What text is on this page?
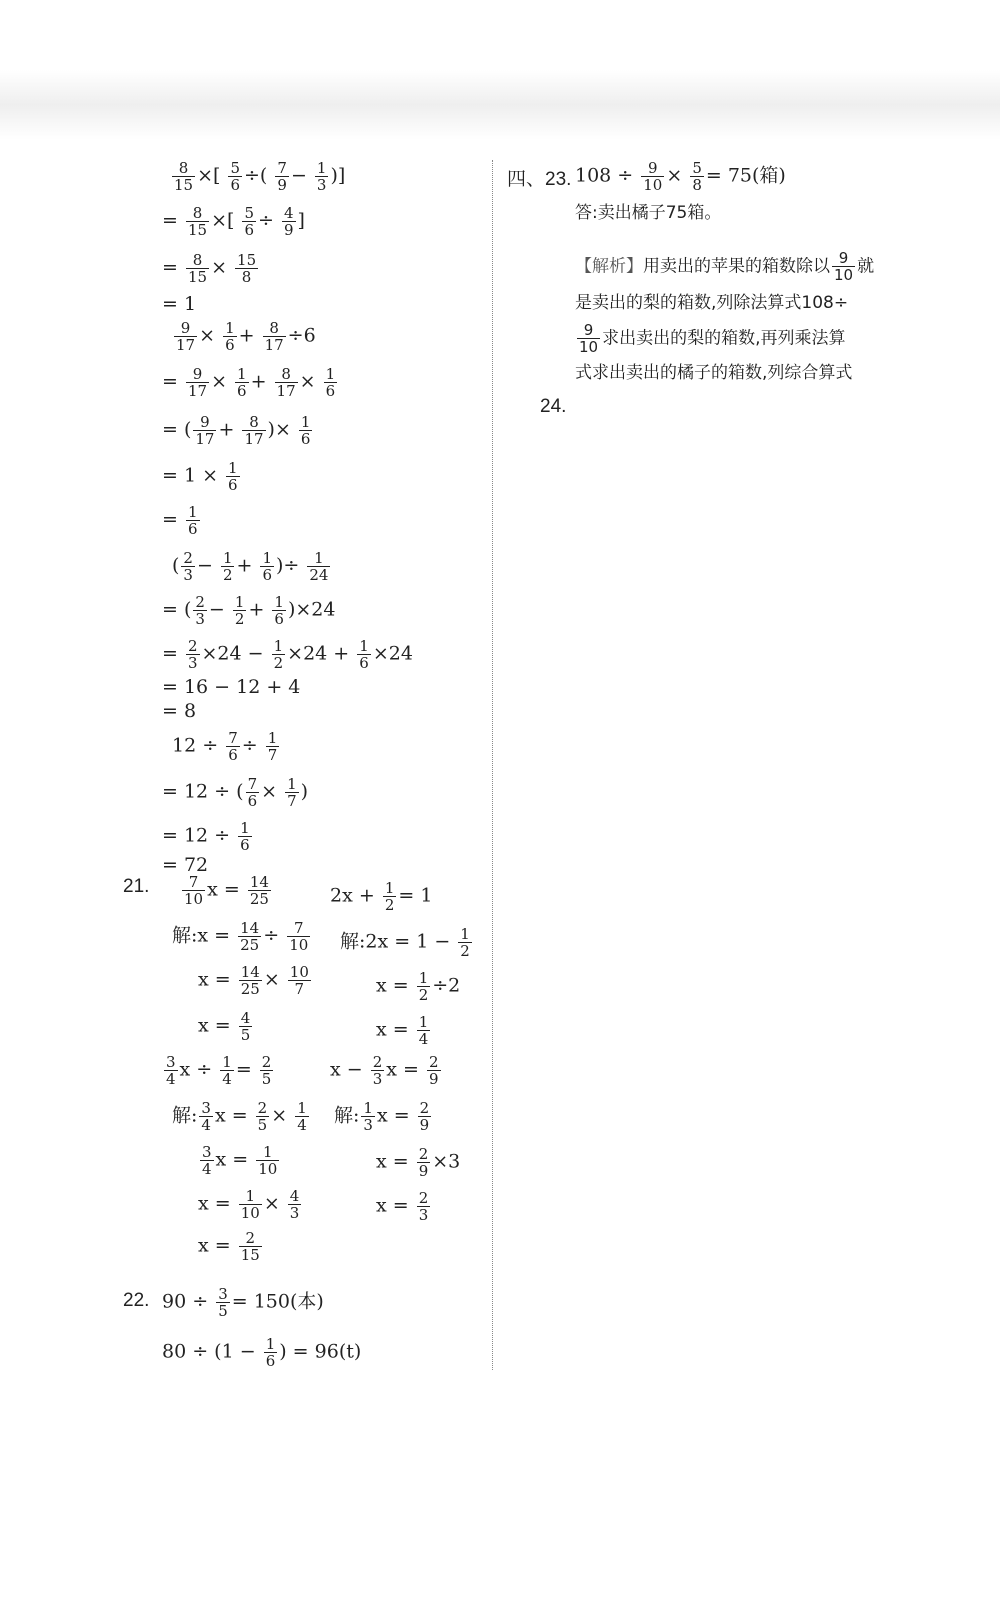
$\frac{8}{15}$ ×[ $\frac{5}{6}$ ÷( $\frac{7}{9} - \frac{1}{3}$ )]
= $\frac{8}{15}$ ×[ $\frac{5}{6} \div \frac{4}{9}$ ]
= $\frac{8}{15} \times \frac{15}{8}$
= 1
$\frac{9}{17} \times \frac{1}{6} + \frac{8}{17} \div 6$
= $\frac{9}{17} \times \frac{1}{6} + \frac{8}{17} \times \frac{1}{6}$
= ( $\frac{9}{17} + \frac{8}{17}$ )× $\frac{1}{6}$
= $1 \times \frac{1}{6}$
= $\frac{1}{6}$
( $\frac{2}{3} - \frac{1}{2} + \frac{1}{6}$ )÷ $\frac{1}{24}$
= ( $\frac{2}{3} - \frac{1}{2} + \frac{1}{6} )\times 24$
= $\frac{2}{3} \times 24 - \frac{1}{2} \times 24 + \frac{1}{6} \times 24$
= 16 − 12 + 4
= 8
$12 \div \frac{7}{6} \div \frac{1}{7}$
= 12 ÷ ( $\frac{7}{6} \times \frac{1}{7}$ )
= $12 \div \frac{1}{6}$
= 72
21. $\frac{7}{10}$ $x = \frac{14}{25}$
解:x = $\frac{14}{25} \div \frac{7}{10}$
$x = \frac{14}{25} \times \frac{10}{7}$
$x = \frac{4}{5}$
$2x + \frac{1}{2} = 1$
解:2x = $1 - \frac{1}{2}$
$x = \frac{1}{2} \div 2$
$x = \frac{1}{4}$
$\frac{3}{4}$ $x \div \frac{1}{4} = \frac{2}{5}$
解: $\frac{3}{4}$ $x = \frac{2}{5} \times \frac{1}{4}$
$\frac{3}{4}$ $x = \frac{1}{10}$
$x = \frac{1}{10} \times \frac{4}{3}$
$x = \frac{2}{15}$
$x - \frac{2}{3}$ $x = \frac{2}{9}$
解: $\frac{1}{3}$ $x = \frac{2}{9}$
$x = \frac{2}{9} \times 3$
$x = \frac{2}{3}$
22. $90 \div \frac{3}{5} = 150$(本)
$80 \div (1 - \frac{1}{6}$ ) = 96(t)
四、23. $108 \div \frac{9}{10} \times \frac{5}{8} = 75$(箱)
答:卖出橘子75箱。
【解析】用卖出的苹果的箱数除以 $\frac{9}{10}$ 就
是卖出的梨的箱数,列除法算式108÷
$\frac{9}{10}$ 求出卖出的梨的箱数,再列乘法算
式求出卖出的橘子的箱数,列综合算式
24.
